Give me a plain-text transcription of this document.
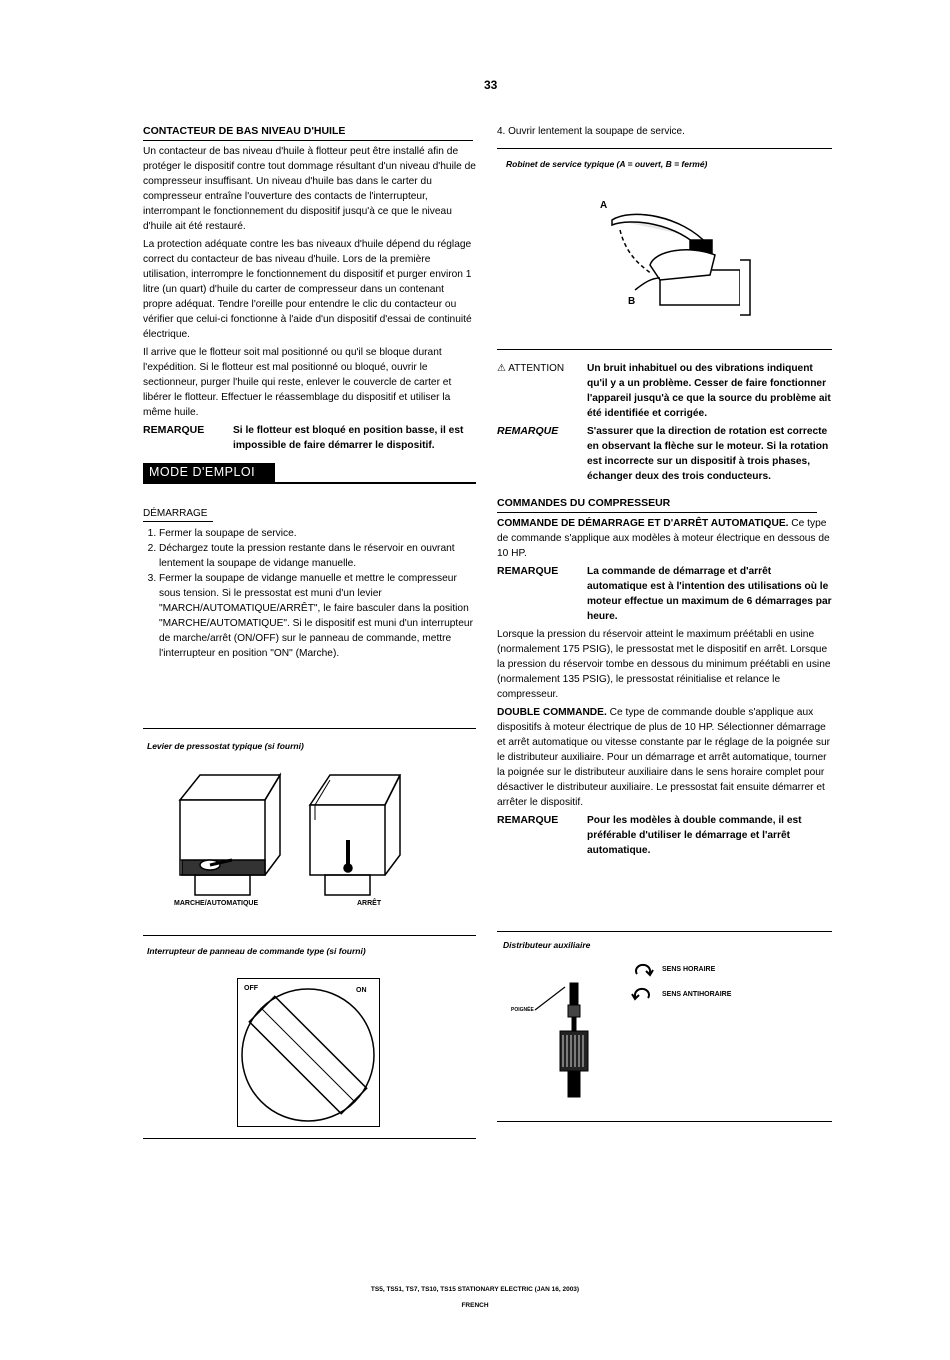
33
CONTACTEUR DE BAS NIVEAU D'HUILE

Un contacteur de bas niveau d'huile à flotteur peut être installé afin de protéger le dispositif contre tout dommage résultant d'un niveau d'huile de compresseur insuffisant. Un niveau d'huile bas dans le carter du compresseur entraîne l'ouverture des contacts de l'interrupteur, interrompant le fonctionnement du dispositif jusqu'à ce que le niveau d'huile ait été restauré.

La protection adéquate contre les bas niveaux d'huile dépend du réglage correct du contacteur de bas niveau d'huile. Lors de la première utilisation, interrompre le fonctionnement du dispositif et purger environ 1 litre (un quart) d'huile du carter de compresseur dans un contenant propre adéquat. Tendre l'oreille pour entendre le clic du contacteur ou vérifier que celui-ci fonctionne à l'aide d'un dispositif d'essai de continuité électrique.

Il arrive que le flotteur soit mal positionné ou qu'il se bloque durant l'expédition. Si le flotteur est mal positionné ou bloqué, ouvrir le sectionneur, purger l'huile qui reste, enlever le couvercle de carter et libérer le flotteur. Effectuer le réassemblage du dispositif et utiliser la même huile.

REMARQUE	Si le flotteur est bloqué en position basse, il est impossible de faire démarrer le dispositif.
MODE D'EMPLOI
DÉMARRAGE
1. Fermer la soupape de service.
2. Déchargez toute la pression restante dans le réservoir en ouvrant lentement la soupape de vidange manuelle.
3. Fermer la soupape de vidange manuelle et mettre le compresseur sous tension. Si le pressostat est muni d'un levier "MARCH/AUTOMATIQUE/ARRÊT", le faire basculer dans la position "MARCHE/AUTOMATIQUE". Si le dispositif est muni d'un interrupteur de marche/arrêt (ON/OFF) sur le panneau de commande, mettre l'interrupteur en position "ON" (Marche).
Levier de pressostat typique (si fourni)
MARCHE/AUTOMATIQUE	ARRÊT
Interrupteur de panneau de commande type (si fourni)
OFF	ON
4. Ouvrir lentement la soupape de service.
Robinet de service typique (A = ouvert, B = fermé)
A
B
⚠ ATTENTION	Un bruit inhabituel ou des vibrations indiquent qu'il y a un problème. Cesser de faire fonctionner l'appareil jusqu'à ce que la source du problème ait été identifiée et corrigée.
REMARQUE	S'assurer que la direction de rotation est correcte en observant la flèche sur le moteur. Si la rotation est incorrecte sur un dispositif à trois phases, échanger deux des trois conducteurs.
COMMANDES DU COMPRESSEUR

COMMANDE DE DÉMARRAGE ET D'ARRÊT AUTOMATIQUE. Ce type de commande s'applique aux modèles à moteur électrique en dessous de 10 HP.

REMARQUE	La commande de démarrage et d'arrêt automatique est à l'intention des utilisations où le moteur effectue un maximum de 6 démarrages par heure.

Lorsque la pression du réservoir atteint le maximum préétabli en usine (normalement 175 PSIG), le pressostat met le dispositif en arrêt. Lorsque la pression du réservoir tombe en dessous du minimum préétabli en usine (normalement 135 PSIG), le pressostat réinitialise et relance le compresseur.

DOUBLE COMMANDE. Ce type de commande double s'applique aux dispositifs à moteur électrique de plus de 10 HP. Sélectionner démarrage et arrêt automatique ou vitesse constante par le réglage de la poignée sur le distributeur auxiliaire. Pour un démarrage et arrêt automatique, tourner la poignée sur le distributeur auxiliaire dans le sens horaire complet pour désactiver le distributeur auxiliaire. Le pressostat fait ensuite démarrer et arrêter le dispositif.

REMARQUE	Pour les modèles à double commande, il est préférable d'utiliser le démarrage et l'arrêt automatique.
Distributeur auxiliaire
SENS HORAIRE
SENS ANTIHORAIRE
POIGNÉE
TS5, TS51, TS7, TS10, TS15 STATIONARY ELECTRIC (JAN 16, 2003)
FRENCH
